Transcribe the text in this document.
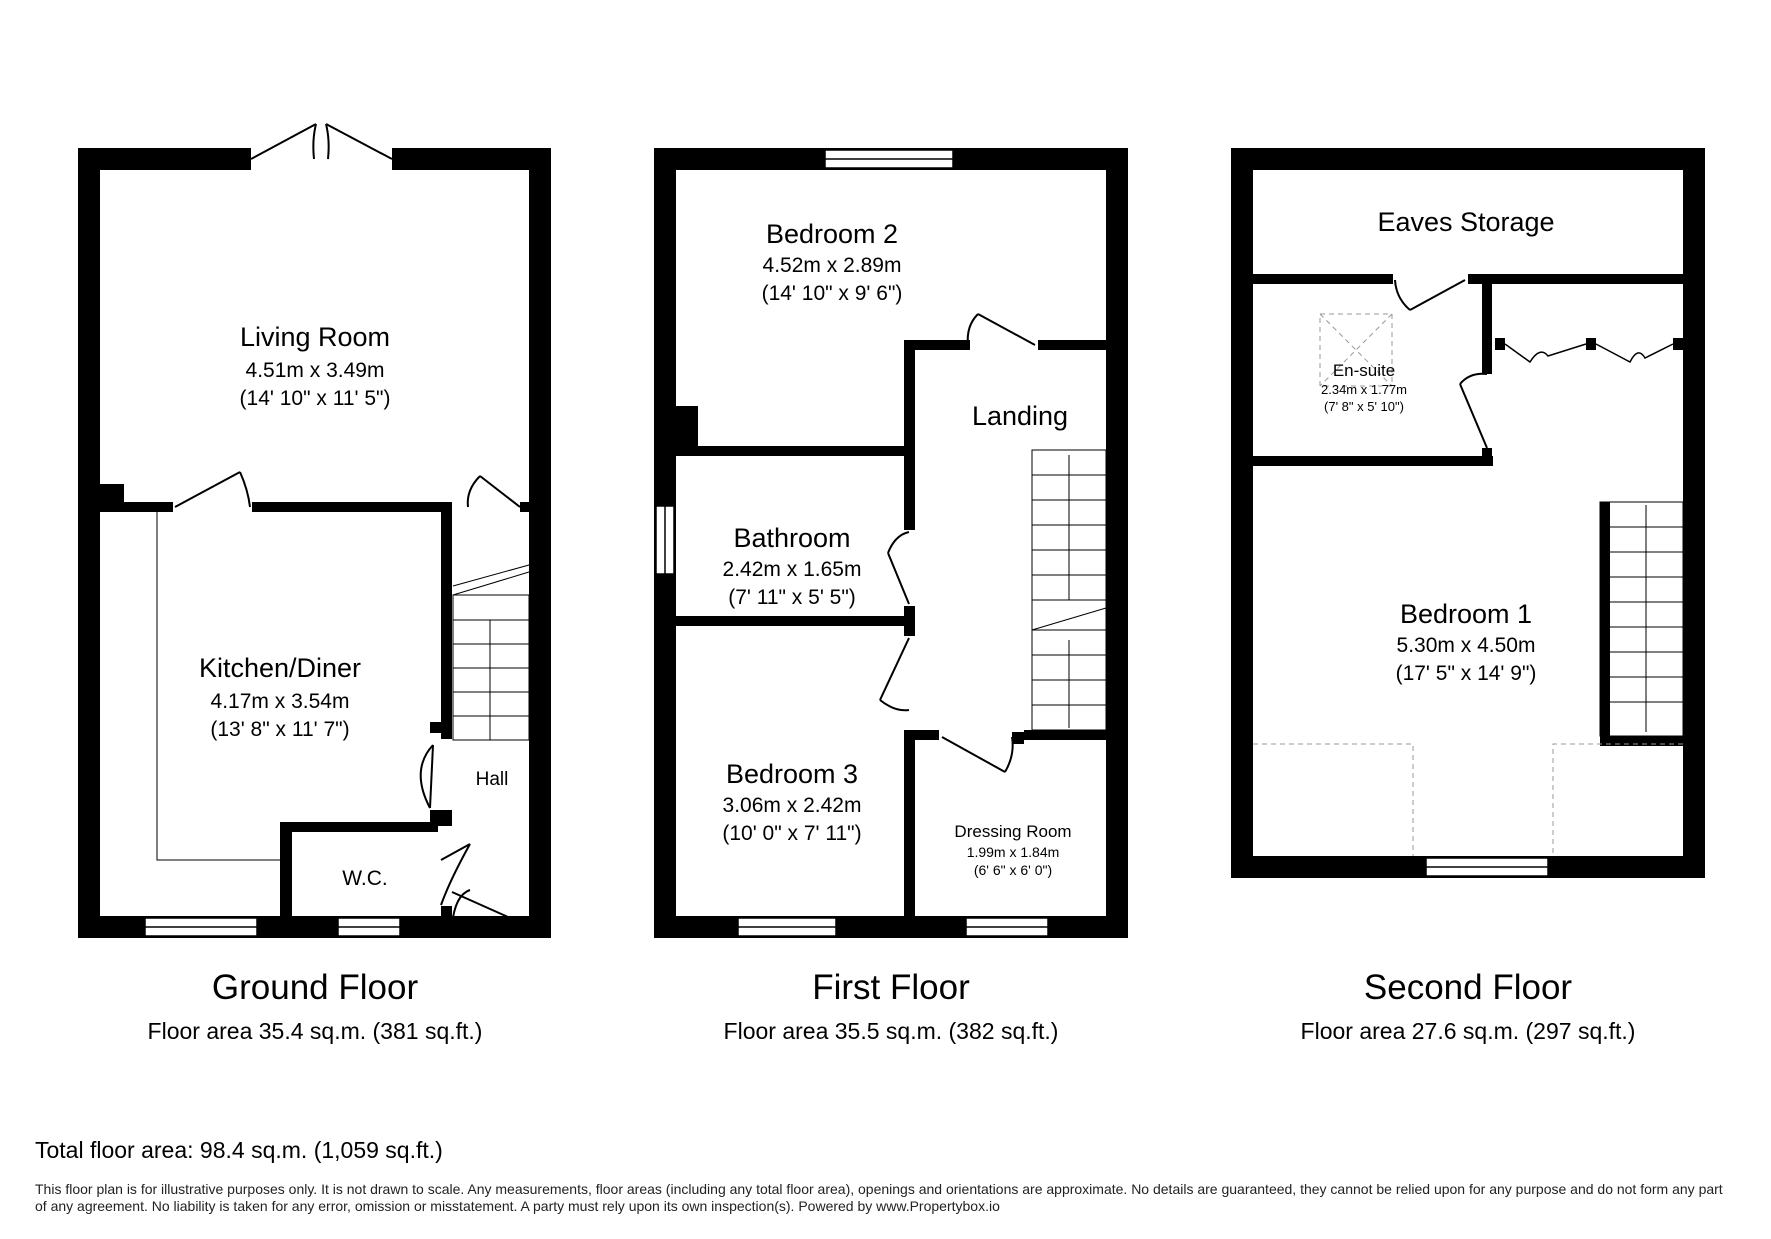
Living Room
4.51m x 3.49m
(14' 10" x 11' 5")
Kitchen/Diner
4.17m x 3.54m
(13' 8" x 11' 7")
Hall
W.C.
Bedroom 2
4.52m x 2.89m
(14' 10" x 9' 6")
Landing
Bathroom
2.42m x 1.65m
(7' 11" x 5' 5")
Bedroom 3
3.06m x 2.42m
(10' 0" x 7' 11")	Dressing Room
1.99m x 1.84m
(6' 6" x 6' 0")
Eaves Storage
En-suite
2.34m x 1.77m
(7' 8" x 5' 10")
Bedroom 1
5.30m x 4.50m
(17' 5" x 14' 9")
Ground Floor
Floor area 35.4 sq.m. (381 sq.ft.)
First Floor
Floor area 35.5 sq.m. (382 sq.ft.)
Second Floor
Floor area 27.6 sq.m. (297 sq.ft.)
Total floor area: 98.4 sq.m. (1,059 sq.ft.)
This floor plan is for illustrative purposes only. It is not drawn to scale. Any measurements, floor areas (including any total floor area), openings and orientations are approximate. No details are guaranteed, they cannot be relied upon for any purpose and do not form any part of any agreement. No liability is taken for any error, omission or misstatement. A party must rely upon its own inspection(s). Powered by www.Propertybox.io
